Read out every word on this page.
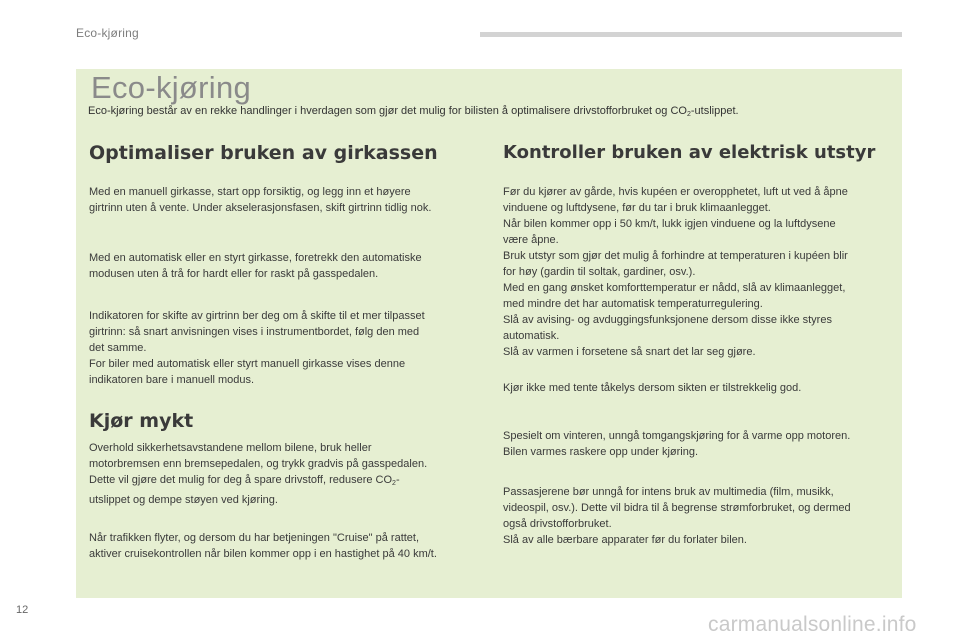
Eco-kjøring
Eco-kjøring
Eco-kjøring består av en rekke handlinger i hverdagen som gjør det mulig for bilisten å optimalisere drivstofforbruket og $CO_2$-utslippet.
Optimaliser bruken av girkassen

Med en manuell girkasse, start opp forsiktig, og legg inn et høyere

girtrinn uten å vente. Under akselerasjonsfasen, skift girtrinn tidlig nok.

Med en automatisk eller en styrt girkasse, foretrekk den automatiske

modusen uten å trå for hardt eller for raskt på gasspedalen.

Indikatoren for skifte av girtrinn ber deg om å skifte til et mer tilpasset

girtrinn: så snart anvisningen vises i instrumentbordet, følg den med

det samme.

For biler med automatisk eller styrt manuell girkasse vises denne

indikatoren bare i manuell modus.

Kjør mykt

Overhold sikkerhetsavstandene mellom bilene, bruk heller

motorbremsen enn bremsepedalen, og trykk gradvis på gasspedalen.

Dette vil gjøre det mulig for deg å spare drivstoff, redusere $CO_2-$

utslippet og dempe støyen ved kjøring.

Når trafikken flyter, og dersom du har betjeningen "Cruise" på rattet,

aktiver cruisekontrollen når bilen kommer opp i en hastighet på 40 km/t.

Kontroller bruken av elektrisk utstyr

Før du kjører av gårde, hvis kupéen er overopphetet, luft ut ved å åpne

vinduene og luftdysene, før du tar i bruk klimaanlegget.

Når bilen kommer opp i 50 km/t, lukk igjen vinduene og la luftdysene

være åpne.

Bruk utstyr som gjør det mulig å forhindre at temperaturen i kupéen blir

for høy (gardin til soltak, gardiner, osv.).

Med en gang ønsket komforttemperatur er nådd, slå av klimaanlegget,

med mindre det har automatisk temperaturregulering.

Slå av avising- og avduggingsfunksjonene dersom disse ikke styres

automatisk.

Slå av varmen i forsetene så snart det lar seg gjøre.

Kjør ikke med tente tåkelys dersom sikten er tilstrekkelig god.

Spesielt om vinteren, unngå tomgangskjøring for å varme opp motoren.

Bilen varmes raskere opp under kjøring.

Passasjerene bør unngå for intens bruk av multimedia (film, musikk,

videospil, osv.). Dette vil bidra til å begrense strømforbruket, og dermed

også drivstofforbruket.

Slå av alle bærbare apparater før du forlater bilen.

12
carmanualsonline.info
